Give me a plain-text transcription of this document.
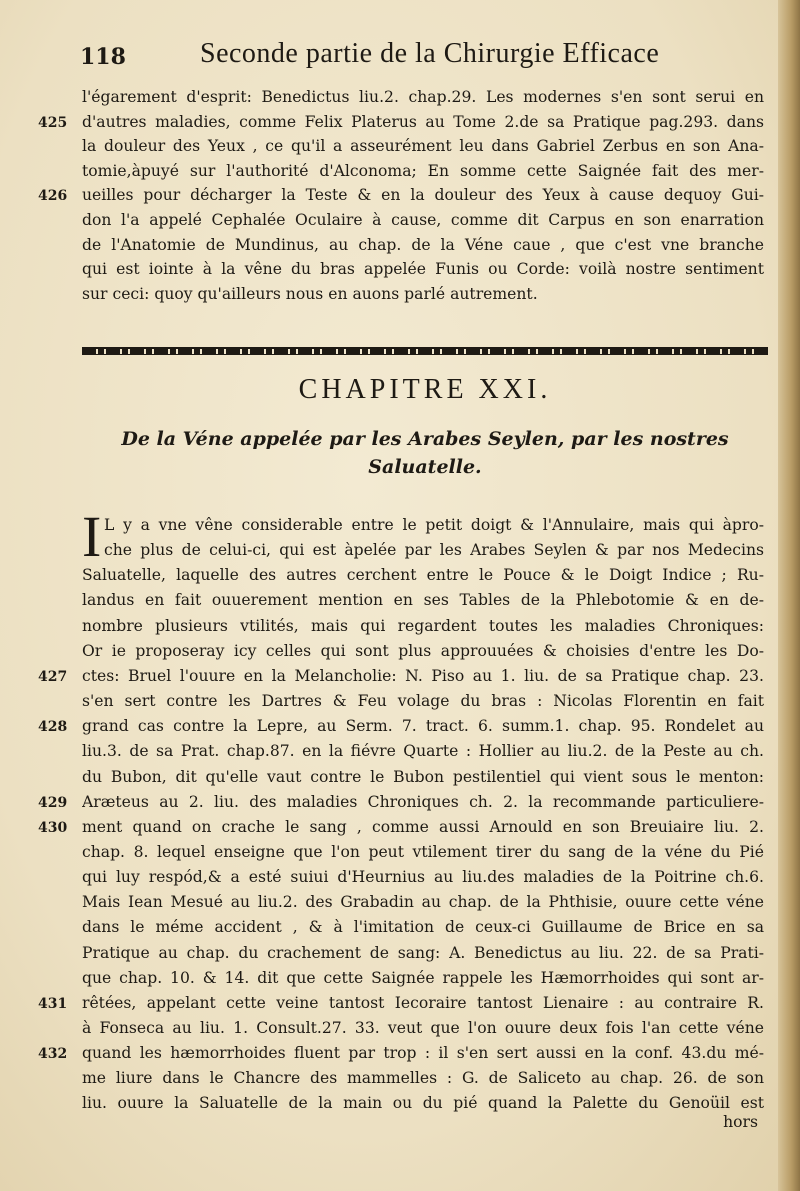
118	Seconde partie de la Chirurgie Efficace
l'égarement d'esprit: Benedictus liu.2. chap.29. Les modernes s'en sont serui en
d'autres maladies, comme Felix Platerus au Tome 2.de sa Pratique pag.293. dans
la douleur des Yeux , ce qu'il a asseurément leu dans Gabriel Zerbus en son Ana-
tomie,àpuyé sur l'authorité d'Alconoma; En somme cette Saignée fait des mer-
ueilles pour décharger la Teste & en la douleur des Yeux à cause dequoy Gui-
don l'a appelé Cephalée Oculaire à cause, comme dit Carpus en son enarration
de l'Anatomie de Mundinus, au chap. de la Véne caue , que c'est vne branche
qui est iointe à la vêne du bras appelée Funis ou Corde: voilà nostre sentiment
sur ceci: quoy qu'ailleurs nous en auons parlé autrement.
425
426
CHAPITRE XXI.
De la Véne appelée par les Arabes Seylen, par les nostres
Saluatelle.
I L y a vne vêne considerable entre le petit doigt & l'Annulaire, mais qui àpro-
che plus de celui-ci, qui est àpelée par les Arabes Seylen & par nos Medecins
Saluatelle, laquelle des autres cerchent entre le Pouce & le Doigt Indice ; Ru-
landus en fait ouuerement mention en ses Tables de la Phlebotomie & en de-
nombre plusieurs vtilités, mais qui regardent toutes les maladies Chroniques:
Or ie proposeray icy celles qui sont plus approuuées & choisies d'entre les Do-
ctes: Bruel l'ouure en la Melancholie: N. Piso au 1. liu. de sa Pratique chap. 23.
s'en sert contre les Dartres & Feu volage du bras : Nicolas Florentin en fait
grand cas contre la Lepre, au Serm. 7. tract. 6. summ.1. chap. 95. Rondelet au
liu.3. de sa Prat. chap.87. en la fiévre Quarte : Hollier au liu.2. de la Peste au ch.
du Bubon, dit qu'elle vaut contre le Bubon pestilentiel qui vient sous le menton:
Aræteus au 2. liu. des maladies Chroniques ch. 2. la recommande particuliere-
ment quand on crache le sang , comme aussi Arnould en son Breuiaire liu. 2.
chap. 8. lequel enseigne que l'on peut vtilement tirer du sang de la véne du Pié
qui luy respód,& a esté suiui d'Heurnius au liu.des maladies de la Poitrine ch.6.
Mais Iean Mesué au liu.2. des Grabadin au chap. de la Phthisie, ouure cette véne
dans le méme accident , & à l'imitation de ceux-ci Guillaume de Brice en sa
Pratique au chap. du crachement de sang: A. Benedictus au liu. 22. de sa Prati-
que chap. 10. & 14. dit que cette Saignée rappele les Hæmorrhoides qui sont ar-
rêtées, appelant cette veine tantost Iecoraire tantost Lienaire : au contraire R.
à Fonseca au liu. 1. Consult.27. 33. veut que l'on ouure deux fois l'an cette véne
quand les hæmorrhoides fluent par trop : il s'en sert aussi en la conf. 43.du mé-
me liure dans le Chancre des mammelles : G. de Saliceto au chap. 26. de son
liu. ouure la Saluatelle de la main ou du pié quand la Palette du Genoüil est
427
428
429
430
431
432
hors
